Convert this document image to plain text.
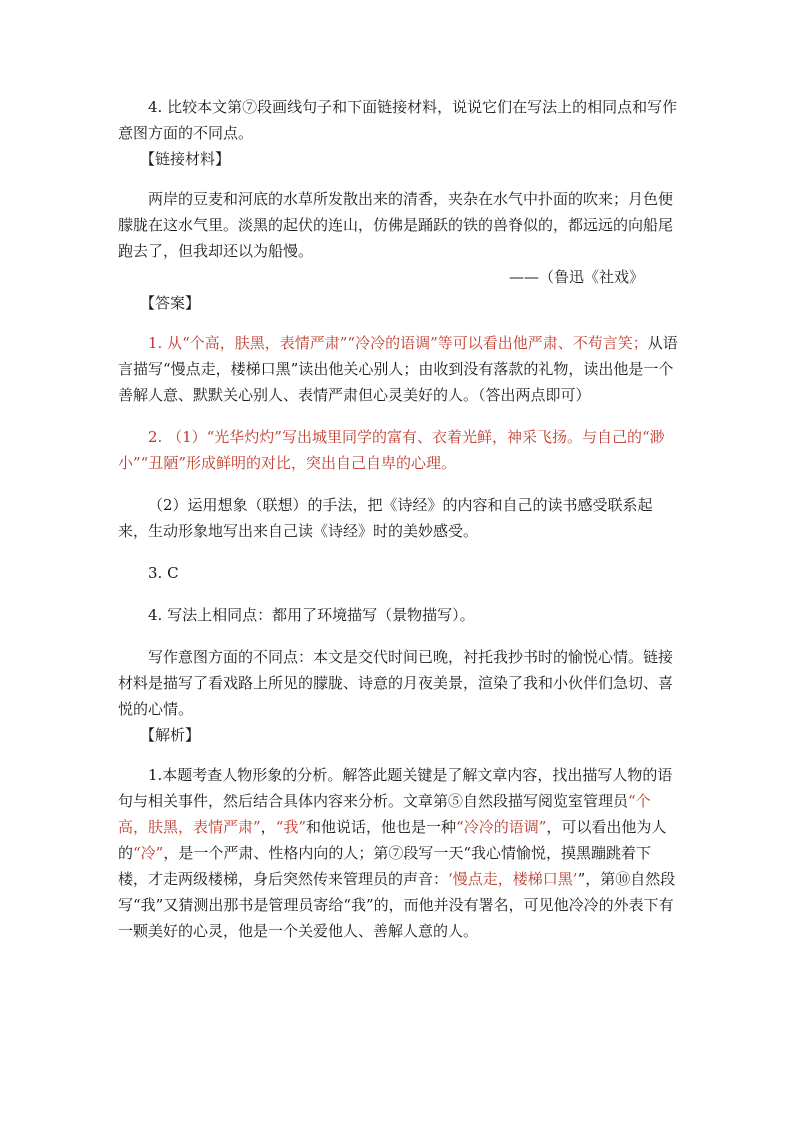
4. 比较本文第⑦段画线句子和下面链接材料，说说它们在写法上的相同点和写作意图方面的不同点。

【链接材料】

两岸的豆麦和河底的水草所发散出来的清香，夹杂在水气中扑面的吹来；月色便朦胧在这水气里。淡黑的起伏的连山，仿佛是踊跃的铁的兽脊似的，都远远的向船尾跑去了，但我却还以为船慢。

——（鲁迅《社戏》

【答案】

1. 从“个高，肤黑，表情严肃”“冷冷的语调”等可以看出他严肃、不苟言笑；从语言描写“慢点走，楼梯口黑”读出他关心别人；由收到没有落款的礼物，读出他是一个善解人意、默默关心别人、表情严肃但心灵美好的人。（答出两点即可）

2. （1）“光华灼灼”写出城里同学的富有、衣着光鲜，神采飞扬。与自己的“渺小”“丑陋”形成鲜明的对比，突出自己自卑的心理。

（2）运用想象（联想）的手法，把《诗经》的内容和自己的读书感受联系起来，生动形象地写出来自己读《诗经》时的美妙感受。

3. C

4. 写法上相同点：都用了环境描写（景物描写）。

写作意图方面的不同点：本文是交代时间已晚，衬托我抄书时的愉悦心情。链接材料是描写了看戏路上所见的朦胧、诗意的月夜美景，渲染了我和小伙伴们急切、喜悦的心情。

【解析】

1.本题考查人物形象的分析。解答此题关键是了解文章内容，找出描写人物的语句与相关事件，然后结合具体内容来分析。文章第⑤自然段描写阅览室管理员“个高，肤黑，表情严肃”，“我”和他说话，他也是一种“冷冷的语调”，可以看出他为人的“冷”，是一个严肃、性格内向的人；第⑦段写一天“我心情愉悦，摸黑蹦跳着下楼，才走两级楼梯，身后突然传来管理员的声音：‘慢点走，楼梯口黑’”，第⑩自然段写“我”又猜测出那书是管理员寄给“我”的，而他并没有署名，可见他冷冷的外表下有一颗美好的心灵，他是一个关爱他人、善解人意的人。
